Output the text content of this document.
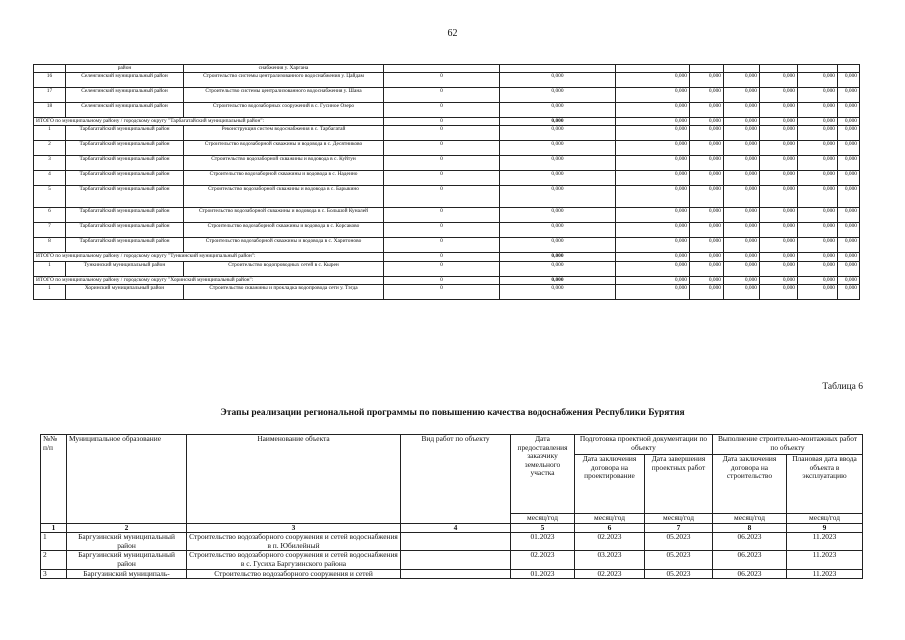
62
	район	снабжения у. Харгана								
16	Селенгинский муниципальный район	Строительство системы централизованного водоснабжения у. Цайдам	0	0,000	0,000	0,000	0,000	0,000	0,000	0,000
17	Селенгинский муниципальный район	Строительство системы централизованного водоснабжения у. Шана	0	0,000	0,000	0,000	0,000	0,000	0,000	0,000
18	Селенгинский муниципальный район	Строительство водозаборных сооружений в с. Гусиное Озеро	0	0,000	0,000	0,000	0,000	0,000	0,000	0,000
ИТОГО по муниципальному району / городскому округу "Тарбагатайский муниципальный район":			0	0,000	0,000	0,000	0,000	0,000	0,000	0,000
1	Тарбагатайский муниципальный район	Реконструкция систем водоснабжения в с. Тарбагатай	0	0,000	0,000	0,000	0,000	0,000	0,000	0,000
2	Тарбагатайский муниципальный район	Строительство водозаборной скважины и водовода в с. Десятниково	0	0,000	0,000	0,000	0,000	0,000	0,000	0,000
3	Тарбагатайский муниципальный район	Строительство водозаборной скважины и водовода в с. Куйтун	0	0,000	0,000	0,000	0,000	0,000	0,000	0,000
4	Тарбагатайский муниципальный район	Строительство водозаборной скважины и водовода в с. Надеино	0	0,000	0,000	0,000	0,000	0,000	0,000	0,000
5	Тарбагатайский муниципальный район	Строительство водозаборной скважины и водовода в с. Барыкино	0	0,000	0,000	0,000	0,000	0,000	0,000	0,000
6	Тарбагатайский муниципальный район	Строительство водозаборной скважины и водовода в с. Большой Куналей	0	0,000	0,000	0,000	0,000	0,000	0,000	0,000
7	Тарбагатайский муниципальный район	Строительство водозаборной скважины и водовода в с. Корсаково	0	0,000	0,000	0,000	0,000	0,000	0,000	0,000
8	Тарбагатайский муниципальный район	Строительство водозаборной скважины и водовода в с. Харитоново	0	0,000	0,000	0,000	0,000	0,000	0,000	0,000
ИТОГО по муниципальному району / городскому округу "Тункинский муниципальный район":			0	0,000	0,000	0,000	0,000	0,000	0,000	0,000
1	Тункинский муниципальный район	Строительство водопроводных сетей в с. Кырен	0	0,000	0,000	0,000	0,000	0,000	0,000	0,000
ИТОГО по муниципальному району / городскому округу "Хоринский муниципальный район":			0	0,000	0,000	0,000	0,000	0,000	0,000	0,000
1	Хоринский муниципальный район	Строительство скважины и прокладка водопровода сети у. Тэгда	0	0,000	0,000	0,000	0,000	0,000	0,000	0,000
Таблица 6
Этапы реализации региональной программы по повышению качества водоснабжения Республики Бурятия
№№ п/п	Муниципальное образование	Наименование объекта	Вид работ по объекту	Дата предоставления заказчику земельного участка	Подготовка проектной документации по объекту		Выполнение строительно-монтажных работ по объекту	
					Дата заключения договора на проектирование	Дата завершения проектных работ	Дата заключения договора на строительство	Плановая дата ввода объекта в эксплуатацию
				месяц/год	месяц/год	месяц/год	месяц/год	месяц/год
1	2	3	4	5	6	7	8	9
1	Баргузинский муниципальный район	Строительство водозаборного сооружения и сетей водоснабжения в п. Юбилейный		01.2023	02.2023	05.2023	06.2023	11.2023
2	Баргузинский муниципальный район	Строительство водозаборного сооружения и сетей водоснабжения в с. Гусиха Баргузинского района		02.2023	03.2023	05.2023	06.2023	11.2023
3	Баргузинский муниципаль-	Строительство водозаборного сооружения и сетей		01.2023	02.2023	05.2023	06.2023	11.2023
